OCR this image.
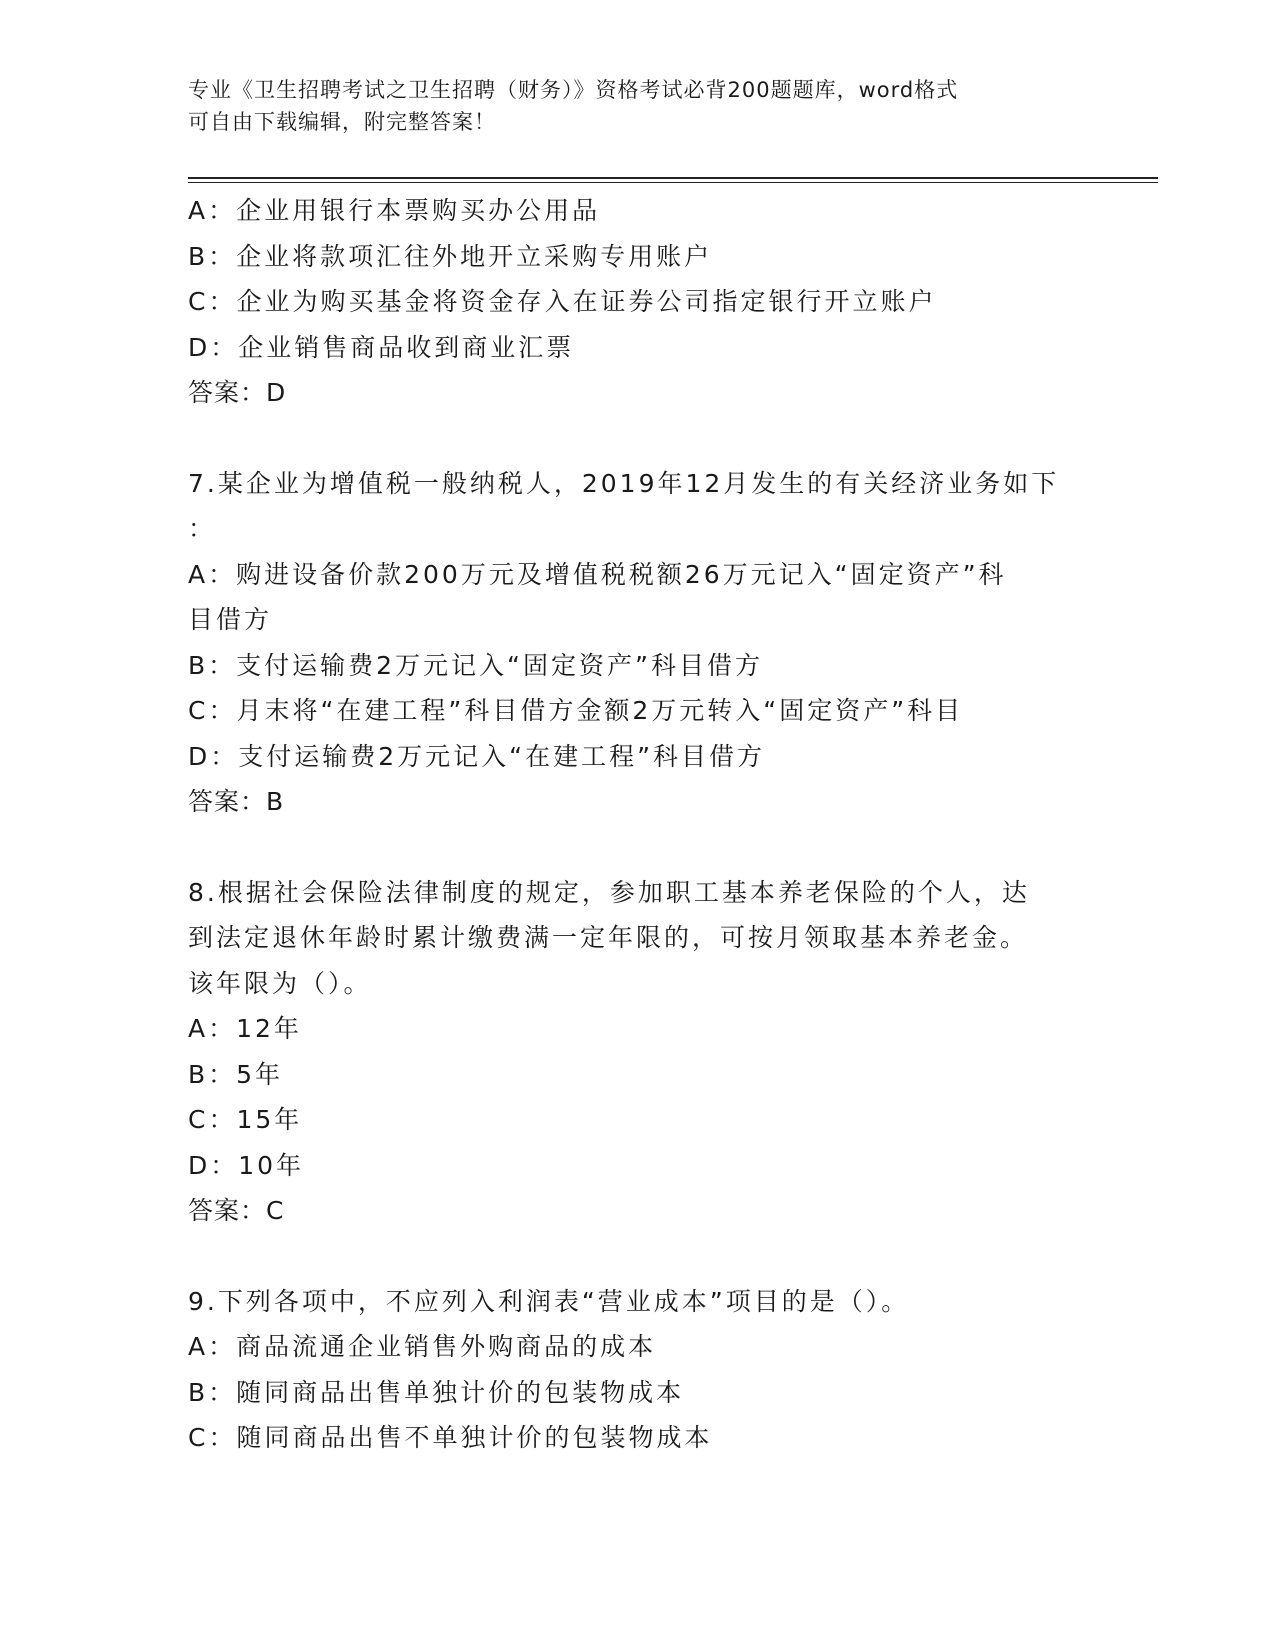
专业《卫生招聘考试之卫生招聘（财务）》资格考试必背200题题库，word格式
可自由下载编辑，附完整答案！
A：企业用银行本票购买办公用品
B：企业将款项汇往外地开立采购专用账户
C：企业为购买基金将资金存入在证券公司指定银行开立账户
D：企业销售商品收到商业汇票
答案：D
7.某企业为增值税一般纳税人，2019年12月发生的有关经济业务如下
：
A：购进设备价款200万元及增值税税额26万元记入“固定资产”科
目借方
B：支付运输费2万元记入“固定资产”科目借方
C：月末将“在建工程”科目借方金额2万元转入“固定资产”科目
D：支付运输费2万元记入“在建工程”科目借方
答案：B
8.根据社会保险法律制度的规定，参加职工基本养老保险的个人，达
到法定退休年龄时累计缴费满一定年限的，可按月领取基本养老金。
该年限为（）。
A：12年
B：5年
C：15年
D：10年
答案：C
9.下列各项中，不应列入利润表“营业成本”项目的是（）。
A：商品流通企业销售外购商品的成本
B：随同商品出售单独计价的包装物成本
C：随同商品出售不单独计价的包装物成本
